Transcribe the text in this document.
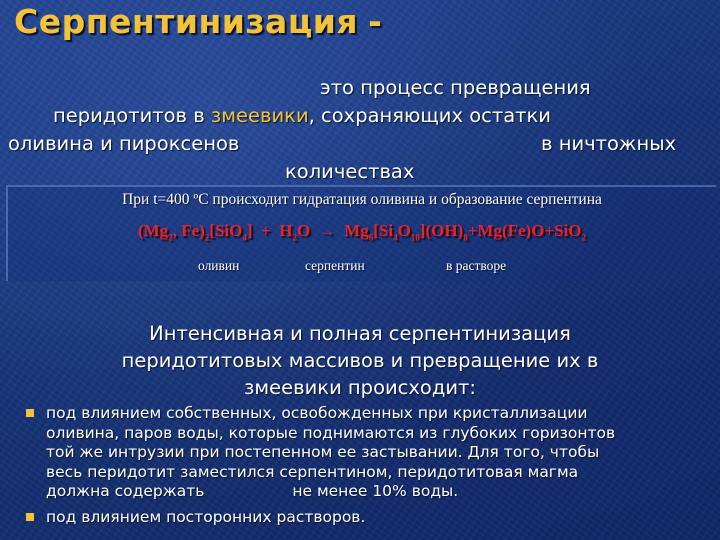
Серпентинизация -
это процесс превращения
перидотитов в змеевики, сохраняющих остатки
оливина и пироксенов	в ничтожных
количествах
При t=400 ºС происходит гидратация оливина и образование серпентина
($Mg_2$, $Fe)_2[SiO_4] + H_2O \to Mg_6[Si_4O_{10}](OH)_8+Mg(Fe)O+SiO_2$
оливин	серпентин	в растворе
Интенсивная и полная серпентинизация
перидотитовых массивов и превращение их в
змеевики происходит:
под влиянием собственных, освобожденных при кристаллизации
оливина, паров воды, которые поднимаются из глубоких горизонтов
той же интрузии при постепенном ее застывании. Для того, чтобы
весь перидотит заместился серпентином, перидотитовая магма
должна содержать	не менее 10% воды.
под влиянием посторонних растворов.
